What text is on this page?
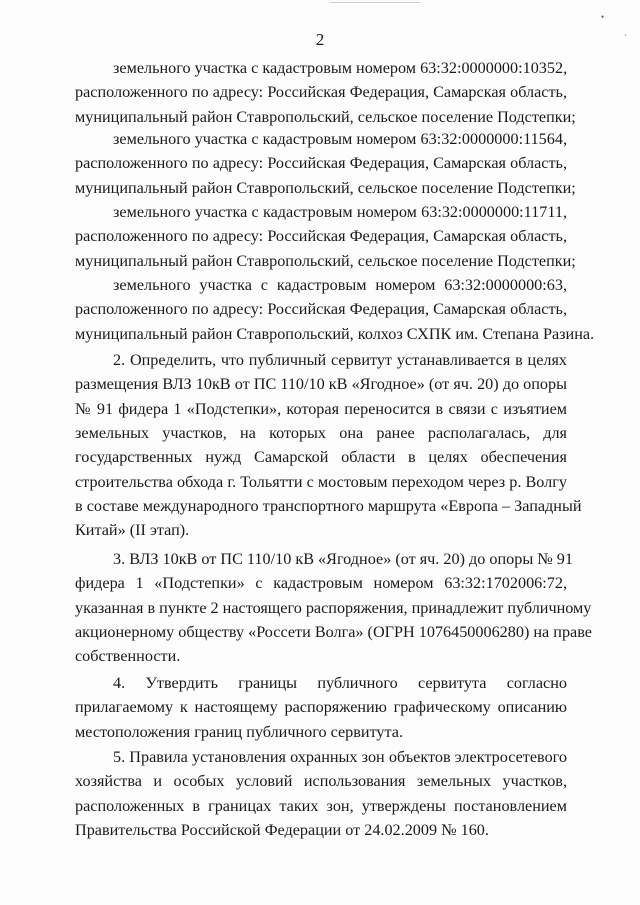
•
·
2
земельного участка с кадастровым номером 63:32:0000000:10352,
расположенного по адресу: Российская Федерация, Самарская область,
муниципальный район Ставропольский, сельское поселение Подстепки;
земельного участка с кадастровым номером 63:32:0000000:11564,
расположенного по адресу: Российская Федерация, Самарская область,
муниципальный район Ставропольский, сельское поселение Подстепки;
земельного участка с кадастровым номером 63:32:0000000:11711,
расположенного по адресу: Российская Федерация, Самарская область,
муниципальный район Ставропольский, сельское поселение Подстепки;
земельного участка с кадастровым номером 63:32:0000000:63,
расположенного по адресу: Российская Федерация, Самарская область,
муниципальный район Ставропольский, колхоз СХПК им. Степана Разина.
2. Определить, что публичный сервитут устанавливается в целях
размещения ВЛЗ 10кВ от ПС 110/10 кВ «Ягодное» (от яч. 20) до опоры
№ 91 фидера 1 «Подстепки», которая переносится в связи с изъятием
земельных участков, на которых она ранее располагалась, для
государственных нужд Самарской области в целях обеспечения
строительства обхода г. Тольятти с мостовым переходом через р. Волгу
в составе международного транспортного маршрута «Европа – Западный
Китай» (II этап).
3. ВЛЗ 10кВ от ПС 110/10 кВ «Ягодное» (от яч. 20) до опоры № 91
фидера 1 «Подстепки» с кадастровым номером 63:32:1702006:72,
указанная в пункте 2 настоящего распоряжения, принадлежит публичному
акционерному обществу «Россети Волга» (ОГРН 1076450006280) на праве
собственности.
4. Утвердить границы публичного сервитута согласно
прилагаемому к настоящему распоряжению графическому описанию
местоположения границ публичного сервитута.
5. Правила установления охранных зон объектов электросетевого
хозяйства и особых условий использования земельных участков,
расположенных в границах таких зон, утверждены постановлением
Правительства Российской Федерации от 24.02.2009 № 160.
